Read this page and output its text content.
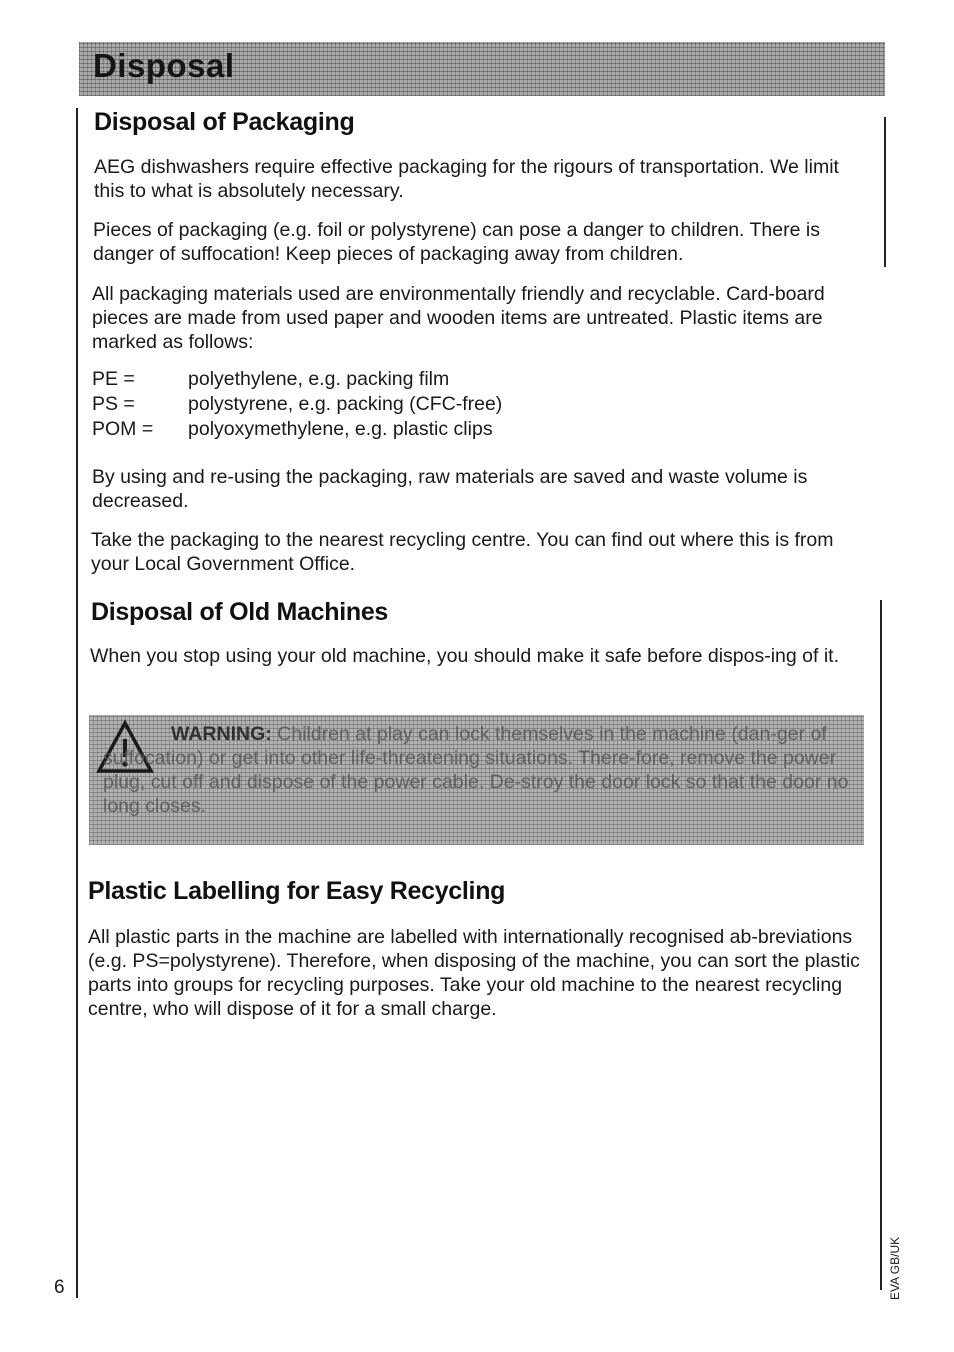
Disposal
Disposal of Packaging

AEG dishwashers require effective packaging for the rigours of transportation. We limit this to what is absolutely necessary.

Pieces of packaging (e.g. foil or polystyrene) can pose a danger to children. There is danger of suffocation! Keep pieces of packaging away from children.

All packaging materials used are environmentally friendly and recyclable. Card-board pieces are made from used paper and wooden items are untreated. Plastic items are marked as follows:

PE =	polyethylene, e.g. packing film
PS =	polystyrene, e.g. packing (CFC-free)
POM =	polyoxymethylene, e.g. plastic clips

By using and re-using the packaging, raw materials are saved and waste volume is decreased.

Take the packaging to the nearest recycling centre. You can find out where this is from your Local Government Office.

Disposal of Old Machines

When you stop using your old machine, you should make it safe before dispos-ing of it.

WARNING: Children at play can lock themselves in the machine (dan-ger of suffocation) or get into other life-threatening situations. There-fore, remove the power plug, cut off and dispose of the power cable. De-stroy the door lock so that the door no long closes.
Plastic Labelling for Easy Recycling

All plastic parts in the machine are labelled with internationally recognised ab-breviations (e.g. PS=polystyrene). Therefore, when disposing of the machine, you can sort the plastic parts into groups for recycling purposes. Take your old machine to the nearest recycling centre, who will dispose of it for a small charge.

6	EVA GB/UK
